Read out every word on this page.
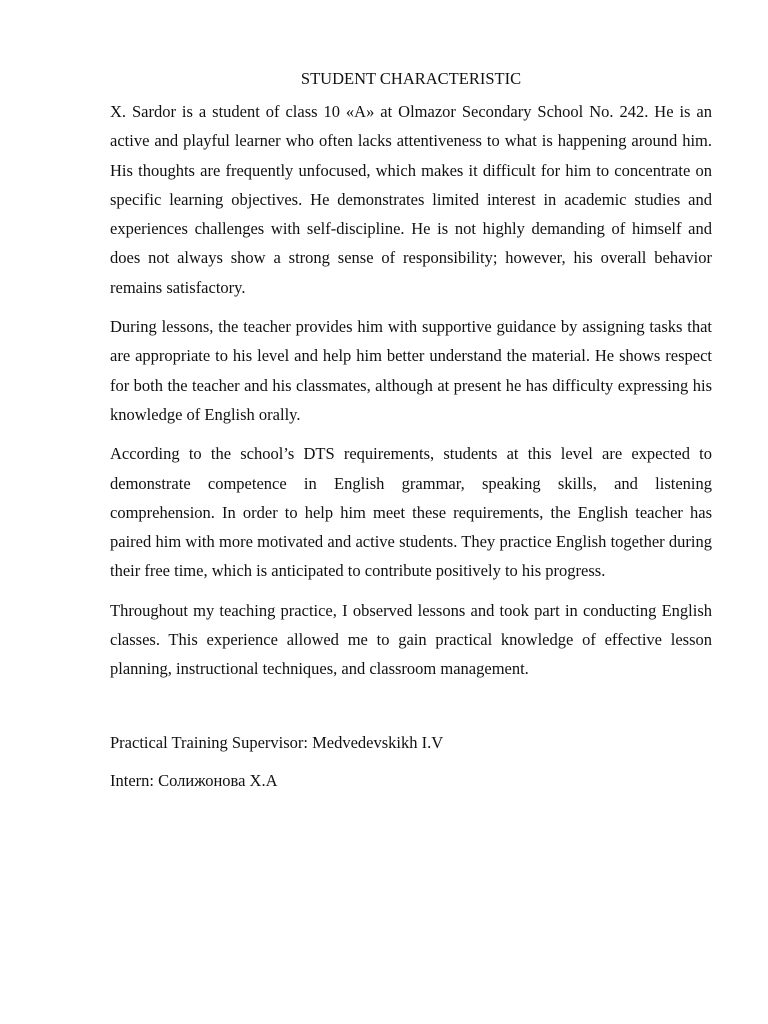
STUDENT CHARACTERISTIC

X. Sardor is a student of class 10 «A» at Olmazor Secondary School No. 242. He is an active and playful learner who often lacks attentiveness to what is happening around him. His thoughts are frequently unfocused, which makes it difficult for him to concentrate on specific learning objectives. He demonstrates limited interest in academic studies and experiences challenges with self-discipline. He is not highly demanding of himself and does not always show a strong sense of responsibility; however, his overall behavior remains satisfactory.

During lessons, the teacher provides him with supportive guidance by assigning tasks that are appropriate to his level and help him better understand the material. He shows respect for both the teacher and his classmates, although at present he has difficulty expressing his knowledge of English orally.

According to the school’s DTS requirements, students at this level are expected to demonstrate competence in English grammar, speaking skills, and listening comprehension. In order to help him meet these requirements, the English teacher has paired him with more motivated and active students. They practice English together during their free time, which is anticipated to contribute positively to his progress.

Throughout my teaching practice, I observed lessons and took part in conducting English classes. This experience allowed me to gain practical knowledge of effective lesson planning, instructional techniques, and classroom management.

Practical Training Supervisor: Medvedevskikh I.V

Intern: Солижонова Х.А
